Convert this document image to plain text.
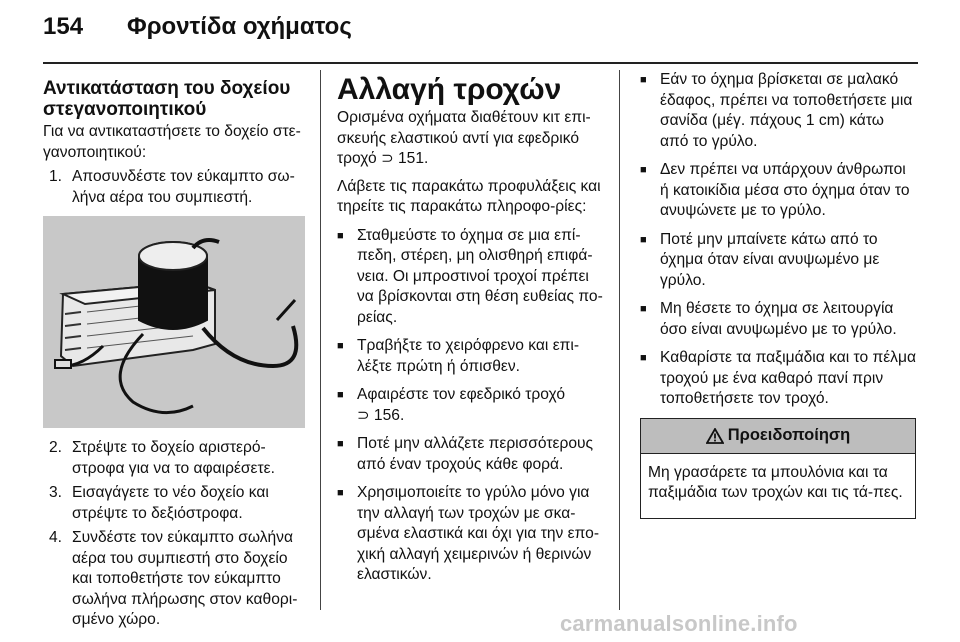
154 Φροντίδα οχήματος
Αντικατάσταση του δοχείου
στεγανοποιητικού

Για να αντικαταστήσετε το δοχείο στε-γανοποιητικού:

1. Αποσυνδέστε τον εύκαμπτο σω-λήνα αέρα του συμπιεστή.
2. Στρέψτε το δοχείο αριστερό-στροφα για να το αφαιρέσετε.
3. Εισαγάγετε το νέο δοχείο και στρέψτε το δεξιόστροφα.
4. Συνδέστε τον εύκαμπτο σωλήνα αέρα του συμπιεστή στο δοχείο και τοποθετήστε τον εύκαμπτο σωλήνα πλήρωσης στον καθορι-σμένο χώρο.
Αλλαγή τροχών

Ορισμένα οχήματα διαθέτουν κιτ επι-σκευής ελαστικού αντί για εφεδρικό τροχό ⊃ 151.

Λάβετε τις παρακάτω προφυλάξεις και τηρείτε τις παρακάτω πληροφο-ρίες:

■ Σταθμεύστε το όχημα σε μια επί-πεδη, στέρεη, μη ολισθηρή επιφά-νεια. Οι μπροστινοί τροχοί πρέπει να βρίσκονται στη θέση ευθείας πο-ρείας.
■ Τραβήξτε το χειρόφρενο και επι-λέξτε πρώτη ή όπισθεν.
■ Αφαιρέστε τον εφεδρικό τροχό
⊃ 156.
■ Ποτέ μην αλλάζετε περισσότερους από έναν τροχούς κάθε φορά.
■ Χρησιμοποιείτε το γρύλο μόνο για την αλλαγή των τροχών με σκα-σμένα ελαστικά και όχι για την επο-χική αλλαγή χειμερινών ή θερινών ελαστικών.
■ Εάν το όχημα βρίσκεται σε μαλακό έδαφος, πρέπει να τοποθετήσετε μια σανίδα (μέγ. πάχους 1 cm) κάτω από το γρύλο.
■ Δεν πρέπει να υπάρχουν άνθρωποι ή κατοικίδια μέσα στο όχημα όταν το ανυψώνετε με το γρύλο.
■ Ποτέ μην μπαίνετε κάτω από το όχημα όταν είναι ανυψωμένο με γρύλο.
■ Μη θέσετε το όχημα σε λειτουργία όσο είναι ανυψωμένο με το γρύλο.
■ Καθαρίστε τα παξιμάδια και το πέλμα τροχού με ένα καθαρό πανί πριν τοποθετήσετε τον τροχό.
Προειδοποίηση
Μη γρασάρετε τα μπουλόνια και τα παξιμάδια των τροχών και τις τά-πες.
carmanualsonline.info
